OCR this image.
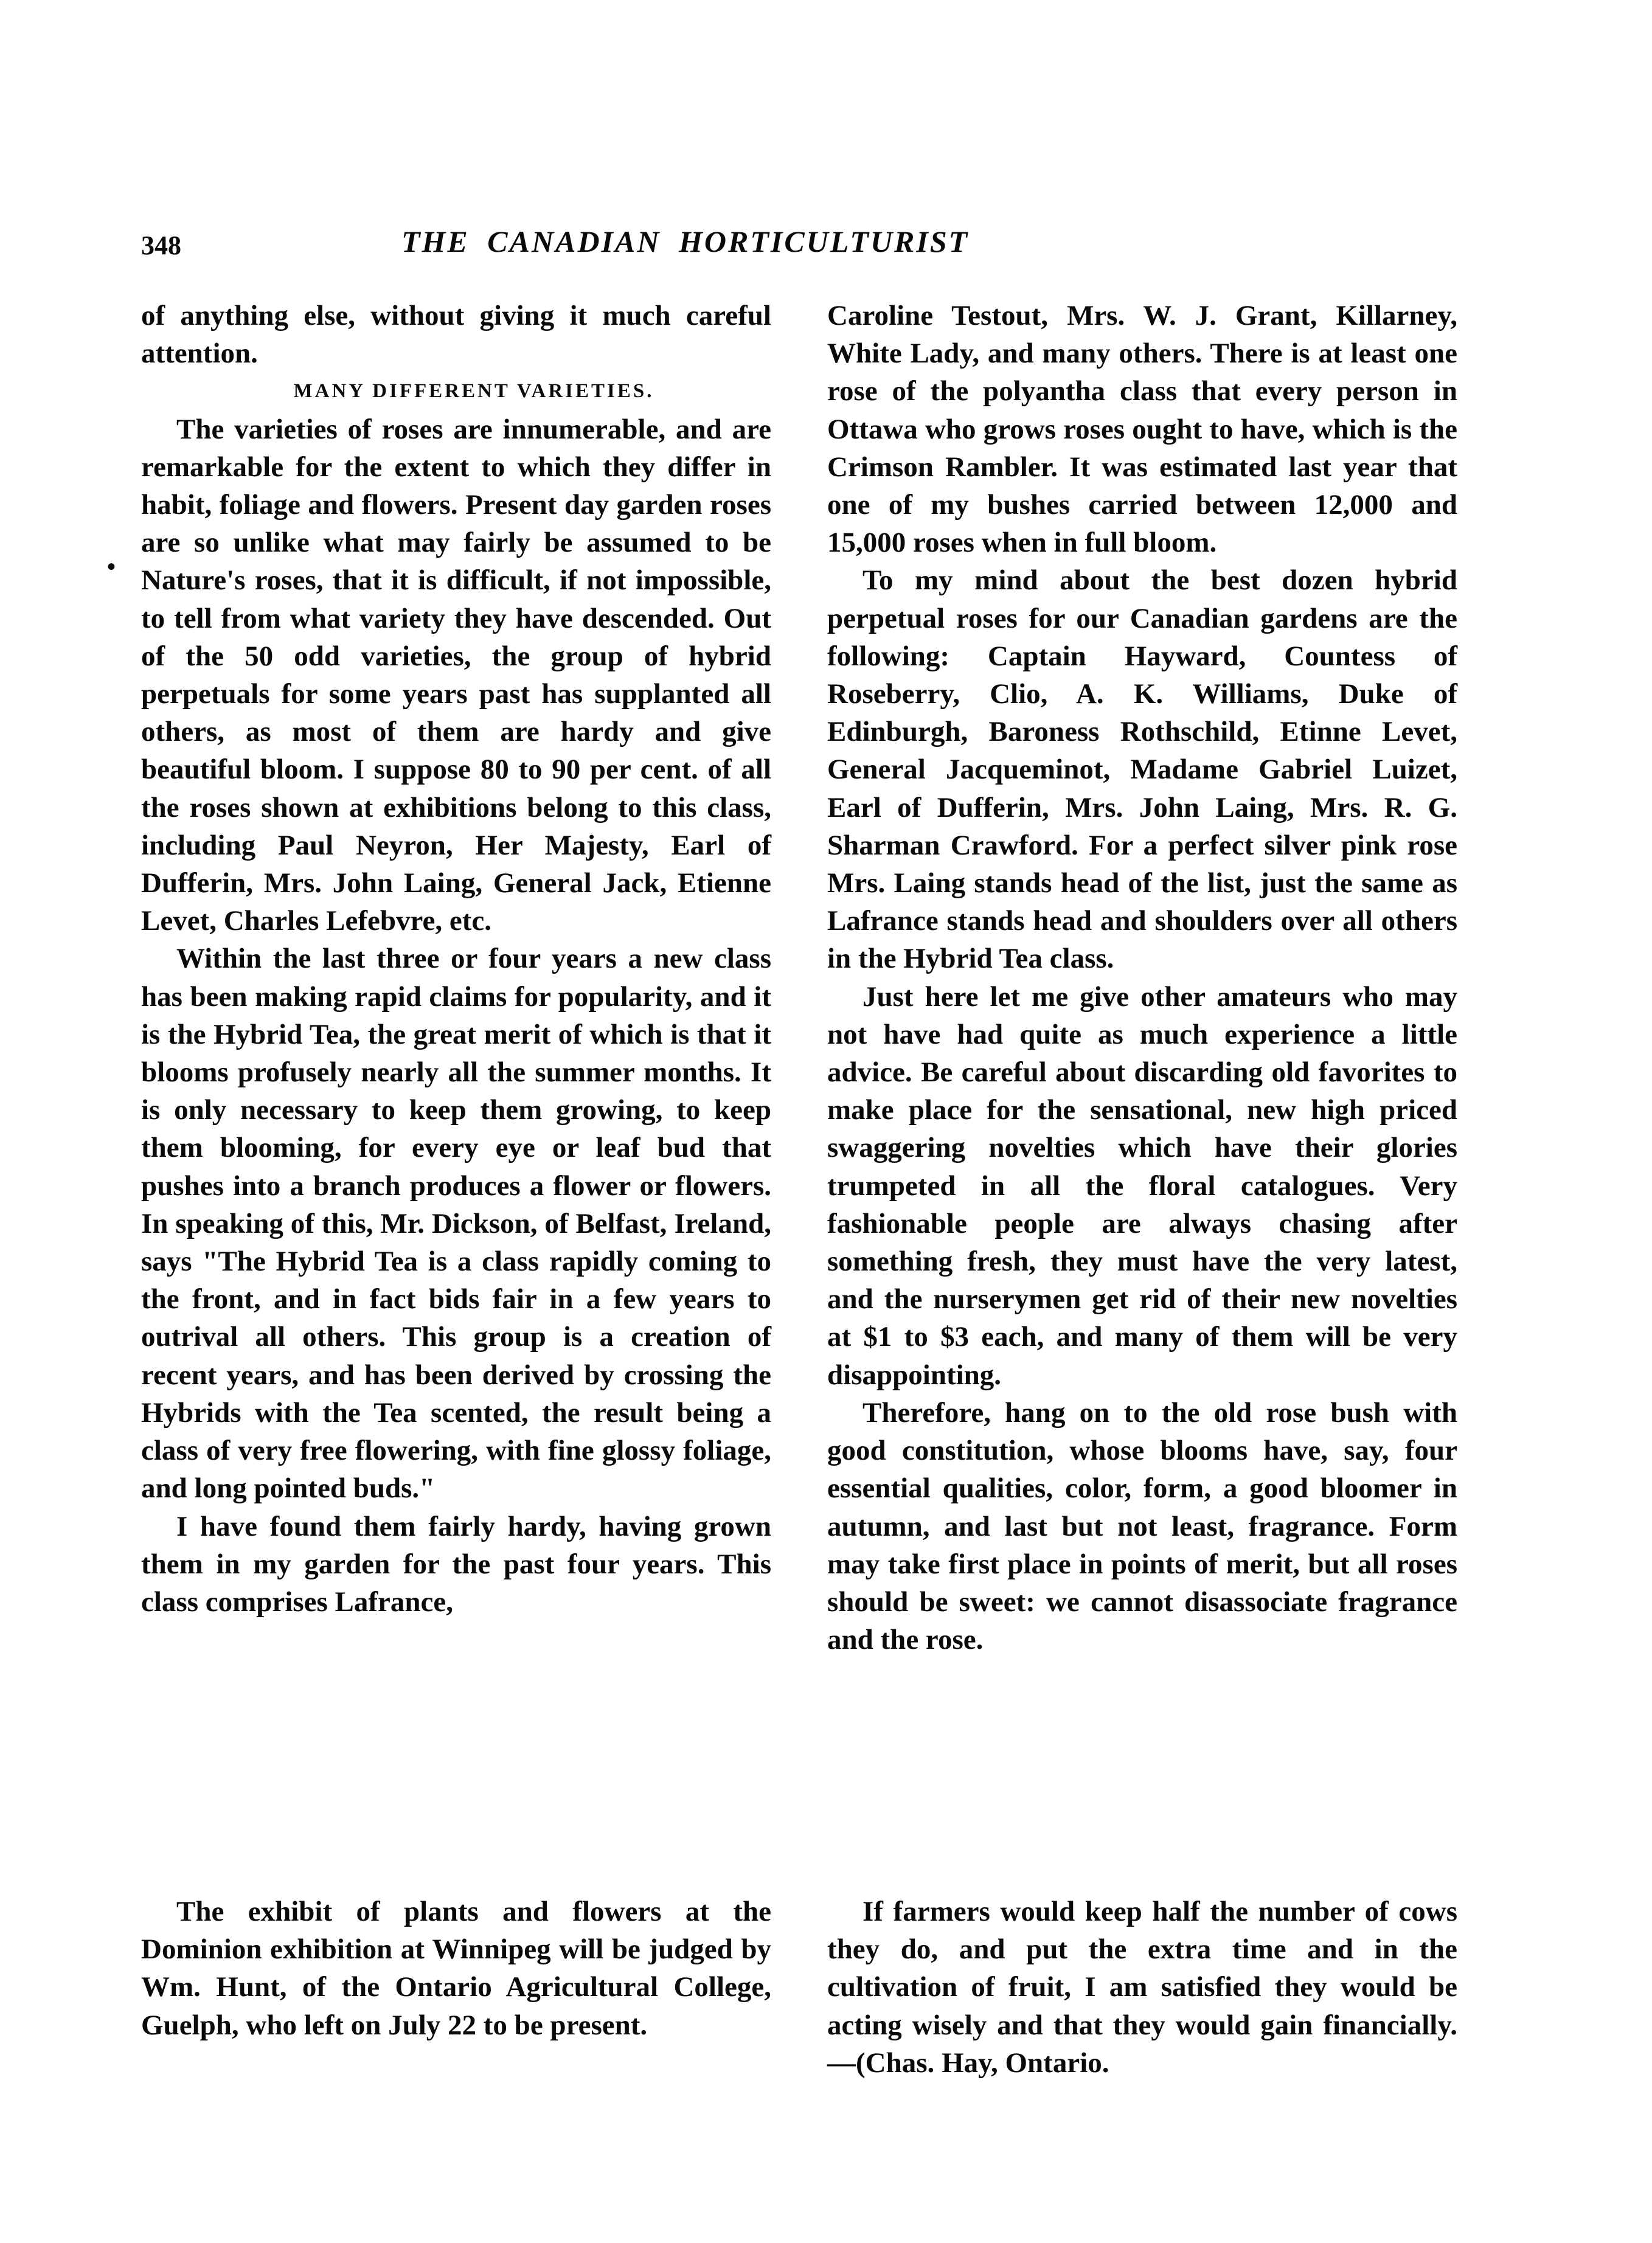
348	THE CANADIAN HORTICULTURIST
•

of anything else, without giving it much careful attention.

MANY DIFFERENT VARIETIES.

The varieties of roses are innumerable, and are remarkable for the extent to which they differ in habit, foliage and flowers. Present day garden roses are so unlike what may fairly be assumed to be Nature's roses, that it is difficult, if not impossible, to tell from what variety they have descended. Out of the 50 odd varieties, the group of hybrid perpetuals for some years past has supplanted all others, as most of them are hardy and give beautiful bloom. I suppose 80 to 90 per cent. of all the roses shown at exhibitions belong to this class, including Paul Neyron, Her Majesty, Earl of Dufferin, Mrs. John Laing, General Jack, Etienne Levet, Charles Lefebvre, etc.

Within the last three or four years a new class has been making rapid claims for popularity, and it is the Hybrid Tea, the great merit of which is that it blooms profusely nearly all the summer months. It is only necessary to keep them growing, to keep them blooming, for every eye or leaf bud that pushes into a branch produces a flower or flowers. In speaking of this, Mr. Dickson, of Belfast, Ireland, says "The Hybrid Tea is a class rapidly coming to the front, and in fact bids fair in a few years to outrival all others. This group is a creation of recent years, and has been derived by crossing the Hybrids with the Tea scented, the result being a class of very free flowering, with fine glossy foliage, and long pointed buds."

I have found them fairly hardy, having grown them in my garden for the past four years. This class comprises Lafrance,

Caroline Testout, Mrs. W. J. Grant, Killarney, White Lady, and many others. There is at least one rose of the polyantha class that every person in Ottawa who grows roses ought to have, which is the Crimson Rambler. It was estimated last year that one of my bushes carried between 12,000 and 15,000 roses when in full bloom.

To my mind about the best dozen hybrid perpetual roses for our Canadian gardens are the following: Captain Hayward, Countess of Roseberry, Clio, A. K. Williams, Duke of Edinburgh, Baroness Rothschild, Etinne Levet, General Jacqueminot, Madame Gabriel Luizet, Earl of Dufferin, Mrs. John Laing, Mrs. R. G. Sharman Crawford. For a perfect silver pink rose Mrs. Laing stands head of the list, just the same as Lafrance stands head and shoulders over all others in the Hybrid Tea class.

Just here let me give other amateurs who may not have had quite as much experience a little advice. Be careful about discarding old favorites to make place for the sensational, new high priced swaggering novelties which have their glories trumpeted in all the floral catalogues. Very fashionable people are always chasing after something fresh, they must have the very latest, and the nurserymen get rid of their new novelties at $1 to $3 each, and many of them will be very disappointing.

Therefore, hang on to the old rose bush with good constitution, whose blooms have, say, four essential qualities, color, form, a good bloomer in autumn, and last but not least, fragrance. Form may take first place in points of merit, but all roses should be sweet: we cannot disassociate fragrance and the rose.

The exhibit of plants and flowers at the Dominion exhibition at Winnipeg will be judged by Wm. Hunt, of the Ontario Agricultural College, Guelph, who left on July 22 to be present.

If farmers would keep half the number of cows they do, and put the extra time and in the cultivation of fruit, I am satisfied they would be acting wisely and that they would gain financially.—(Chas. Hay, Ontario.
